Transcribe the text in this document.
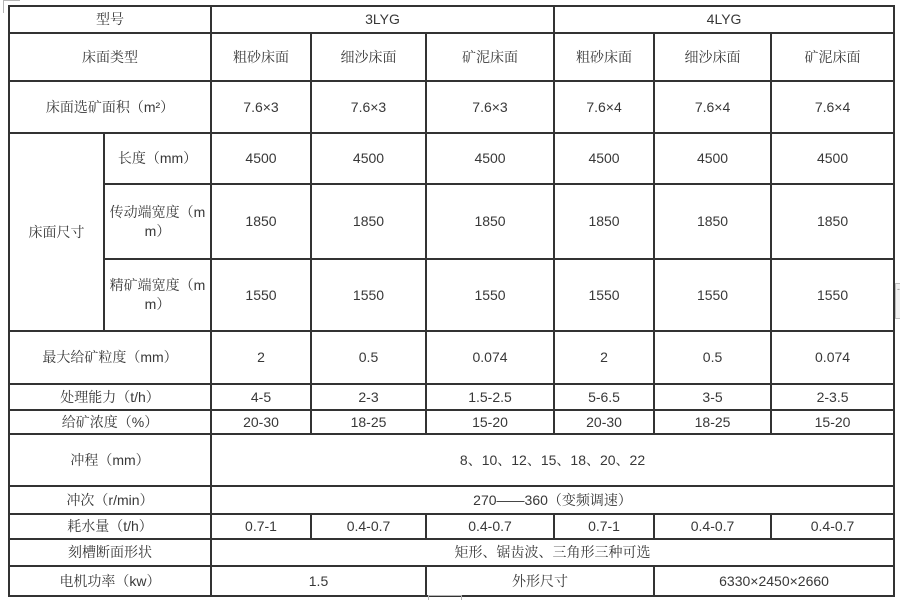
型号		3LYG			4LYG		
床面类型		粗砂床面	细沙床面	矿泥床面	粗砂床面	细沙床面	矿泥床面
床面选矿面积（m²）		7.6×3	7.6×3	7.6×3	7.6×4	7.6×4	7.6×4
床面尺寸	长度（mm）	4500	4500	4500	4500	4500	4500
	传动端宽度（mm）	1850	1850	1850	1850	1850	1850
	精矿端宽度（mm）	1550	1550	1550	1550	1550	1550
最大给矿粒度（mm）		2	0.5	0.074	2	0.5	0.074
处理能力（t/h）		4-5	2-3	1.5-2.5	5-6.5	3-5	2-3.5
给矿浓度（%）		20-30	18-25	15-20	20-30	18-25	15-20
冲程（mm）		8、10、12、15、18、20、22					
冲次（r/min）		270——360（变频调速）					
耗水量（t/h）		0.7-1	0.4-0.7	0.4-0.7	0.7-1	0.4-0.7	0.4-0.7
刻槽断面形状		矩形、锯齿波、三角形三种可选					
电机功率（kw）		1.5		外形尺寸		6330×2450×2660	
-
